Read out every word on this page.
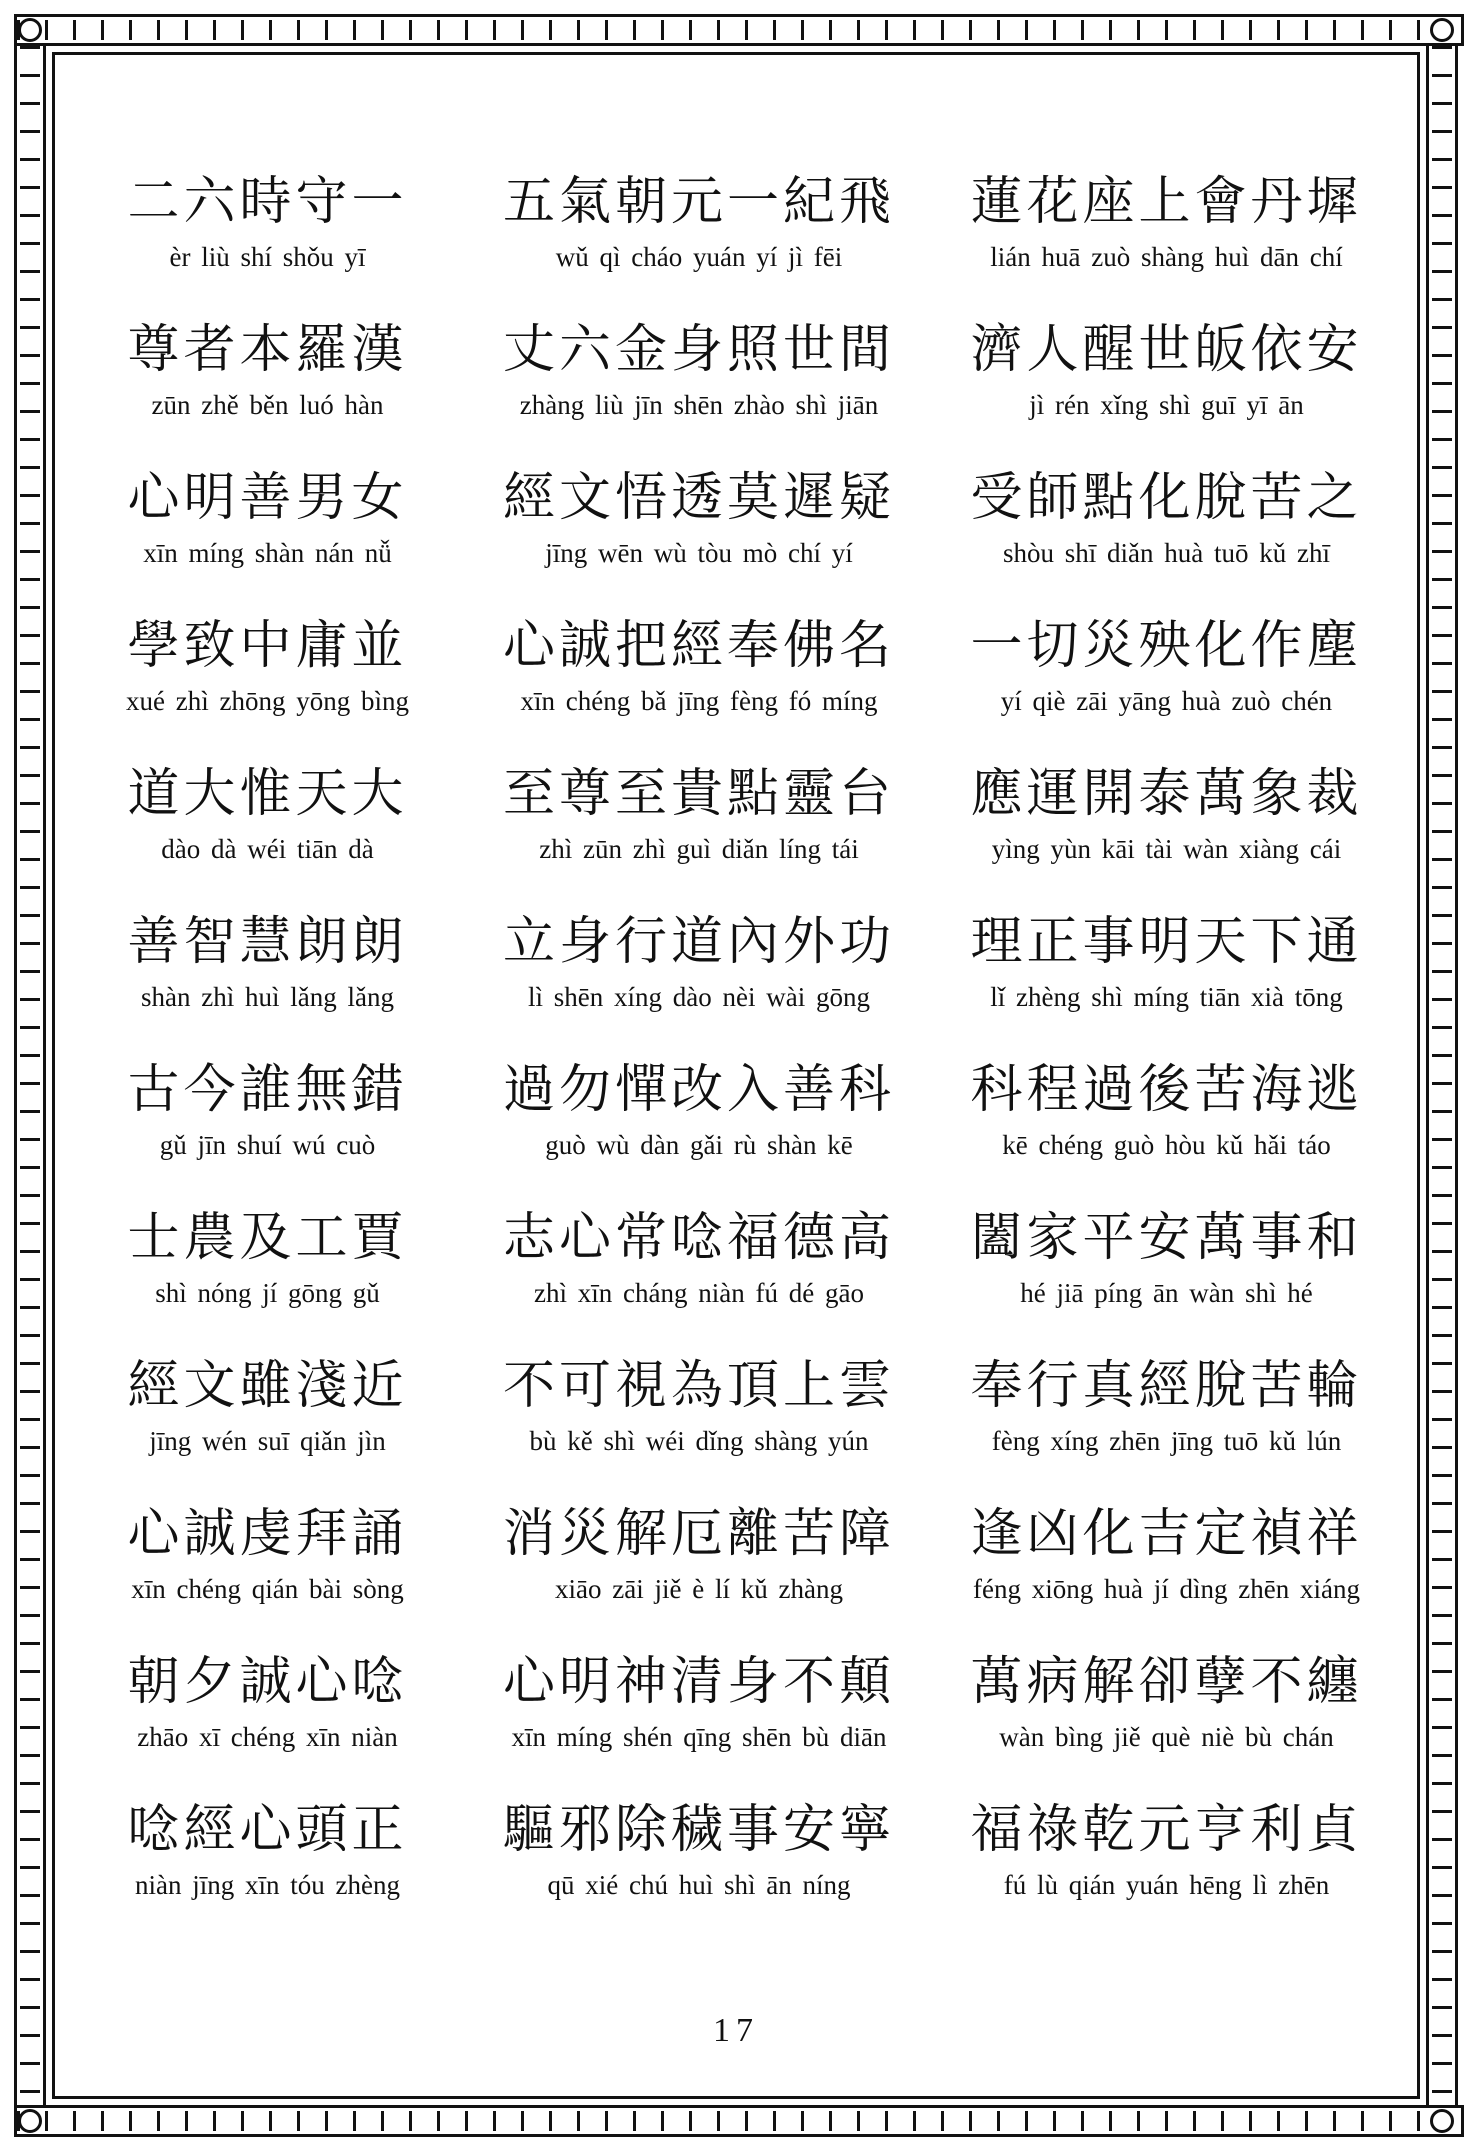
二六時守一
èr liù shí shǒu yī
五氣朝元一紀飛
wǔ qì cháo yuán yí jì fēi
蓮花座上會丹墀
lián huā zuò shàng huì dān chí
尊者本羅漢
zūn zhě běn luó hàn
丈六金身照世間
zhàng liù jīn shēn zhào shì jiān
濟人醒世皈依安
jì rén xǐng shì guī yī ān
心明善男女
xīn míng shàn nán nǚ
經文悟透莫遲疑
jīng wēn wù tòu mò chí yí
受師點化脫苦之
shòu shī diǎn huà tuō kǔ zhī
學致中庸並
xué zhì zhōng yōng bìng
心誠把經奉佛名
xīn chéng bǎ jīng fèng fó míng
一切災殃化作塵
yí qiè zāi yāng huà zuò chén
道大惟天大
dào dà wéi tiān dà
至尊至貴點靈台
zhì zūn zhì guì diǎn líng tái
應運開泰萬象裁
yìng yùn kāi tài wàn xiàng cái
善智慧朗朗
shàn zhì huì lǎng lǎng
立身行道內外功
lì shēn xíng dào nèi wài gōng
理正事明天下通
lǐ zhèng shì míng tiān xià tōng
古今誰無錯
gǔ jīn shuí wú cuò
過勿憚改入善科
guò wù dàn gǎi rù shàn kē
科程過後苦海逃
kē chéng guò hòu kǔ hǎi táo
士農及工賈
shì nóng jí gōng gǔ
志心常唸福德高
zhì xīn cháng niàn fú dé gāo
闔家平安萬事和
hé jiā píng ān wàn shì hé
經文雖淺近
jīng wén suī qiǎn jìn
不可視為頂上雲
bù kě shì wéi dǐng shàng yún
奉行真經脫苦輪
fèng xíng zhēn jīng tuō kǔ lún
心誠虔拜誦
xīn chéng qián bài sòng
消災解厄離苦障
xiāo zāi jiě è lí kǔ zhàng
逢凶化吉定禎祥
féng xiōng huà jí dìng zhēn xiáng
朝夕誠心唸
zhāo xī chéng xīn niàn
心明神清身不顛
xīn míng shén qīng shēn bù diān
萬病解卻孽不纏
wàn bìng jiě què niè bù chán
唸經心頭正
niàn jīng xīn tóu zhèng
驅邪除穢事安寧
qū xié chú huì shì ān níng
福祿乾元亨利貞
fú lù qián yuán hēng lì zhēn
17
